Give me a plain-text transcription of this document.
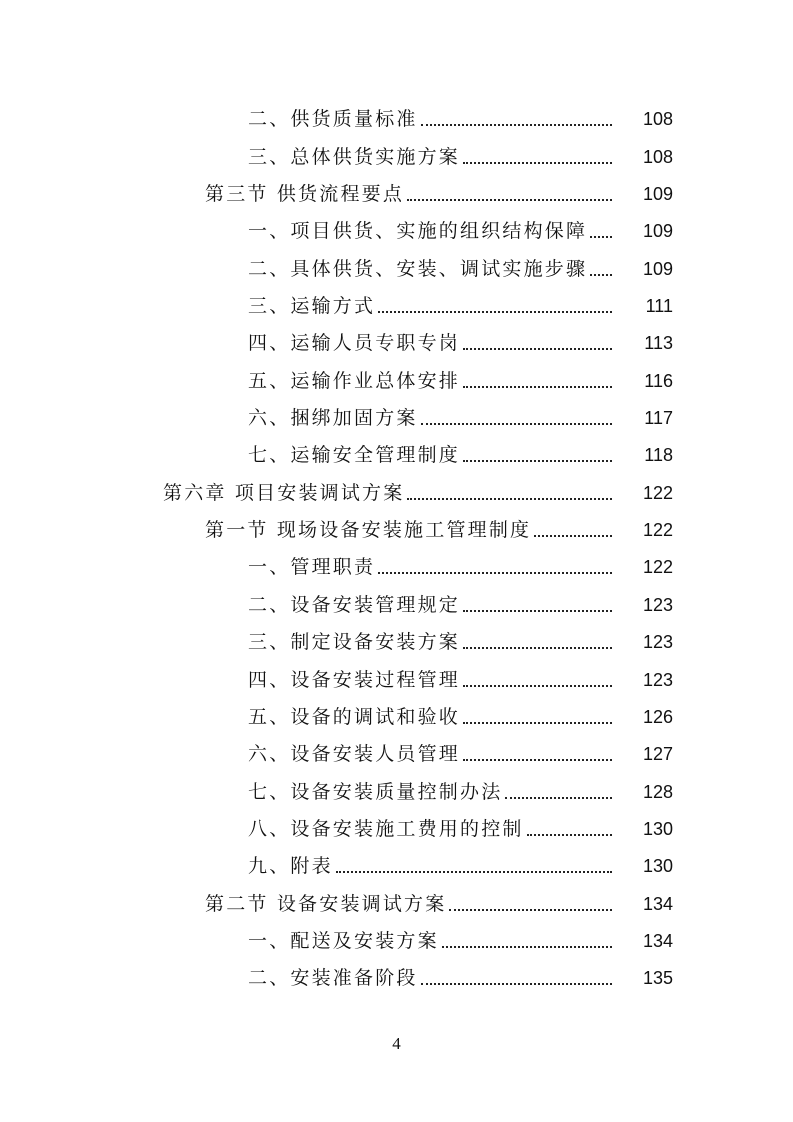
二、供货质量标准	108
三、总体供货实施方案	108
第三节 供货流程要点	109
一、项目供货、实施的组织结构保障	109
二、具体供货、安装、调试实施步骤	109
三、运输方式	111
四、运输人员专职专岗	113
五、运输作业总体安排	116
六、捆绑加固方案	117
七、运输安全管理制度	118
第六章 项目安装调试方案	122
第一节 现场设备安装施工管理制度	122
一、管理职责	122
二、设备安装管理规定	123
三、制定设备安装方案	123
四、设备安装过程管理	123
五、设备的调试和验收	126
六、设备安装人员管理	127
七、设备安装质量控制办法	128
八、设备安装施工费用的控制	130
九、附表	130
第二节 设备安装调试方案	134
一、配送及安装方案	134
二、安装准备阶段	135
4
